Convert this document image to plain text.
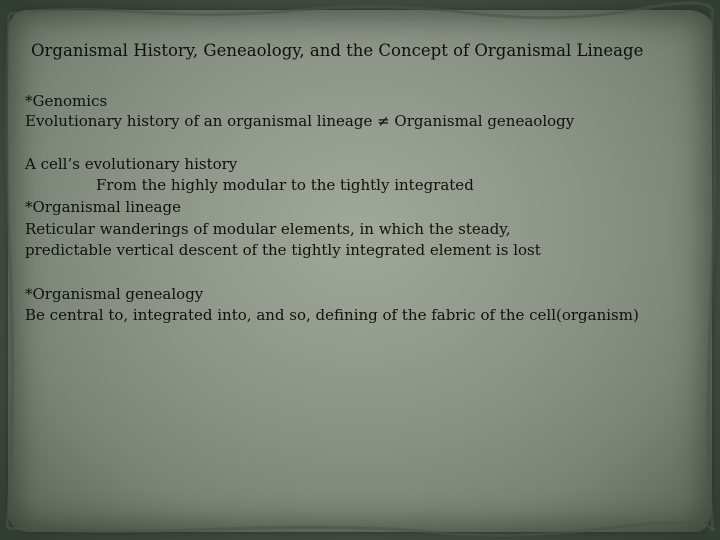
Organismal History, Geneaology, and the Concept of Organismal Lineage
*Genomics
Evolutionary history of an organismal lineage ≠ Organismal geneaology
A cell’s evolutionary history
From the highly modular to the tightly integrated
*Organismal lineage
Reticular wanderings of modular elements, in which the steady,
predictable vertical descent of the tightly integrated element is lost
*Organismal genealogy
Be central to, integrated into, and so, defining of the fabric of the cell(organism)
